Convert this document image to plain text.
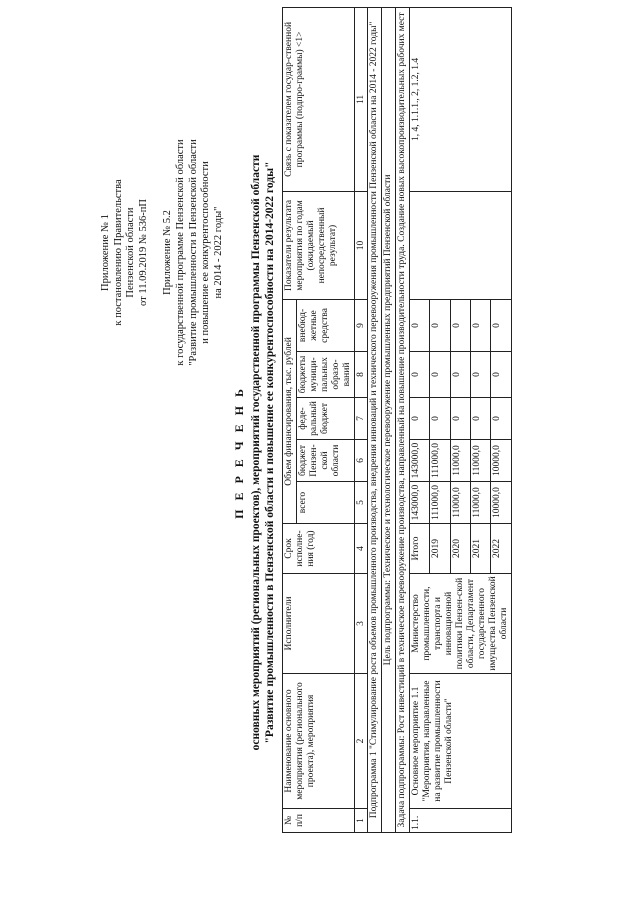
Приложение № 1 к постановлению Правительства Пензенской области от 11.09.2019 № 536-пП Приложение № 5.2 к государственной программе Пензенской области "Развитие промышленности в Пензенской области и повышение ее конкурентоспособности на 2014 - 2022 годы"
П Е Р Е Ч Е Н Ь основных мероприятий (региональных проектов), мероприятий государственной программы Пензенской области "Развитие промышленности в Пензенской области и повышение ее конкурентоспособности на 2014-2022 годы"
№ п/п	Наименование основного мероприятия (регионального проекта), мероприятия	Исполнители	Срок исполне-ния (год)	Объем финансирования, тыс. рублей					Показатели результата мероприятия по годам (ожидаемый непосредственный результат)	Связь с показателем государ-ственной программы (подпро-граммы) <1>
				всего	бюджет Пензен-ской области	феде-ральный бюджет	бюджеты муници-пальных образо-ваний	внебюд-жетные средства		
1	2	3	4	5	6	7	8	9	10	11
Подпрограмма 1 "Стимулирование роста объемов промышленного производства, внедрения инноваций и технического перевооружения промышленности Пензенской области на 2014 - 2022 годы"										
Цель подпрограммы: Техническое и технологическое перевооружение промышленных предприятий Пензенской области										
Задача подпрограммы: Рост инвестиций в техническое перевооружение производства, направленный на повышение производительности труда. Создание новых высокопроизводительных рабочих мест										
1.1.	Основное мероприятие 1.1 "Мероприятия, направленные на развитие промышленности Пензенской области"	Министерство промышленности, транспорта и инновационной политики Пензен-ской области, Департамент государственного имущества Пензенской области	Итого	143000,0	143000,0	0	0	0		1, 4, 1.1.1., 2, 1.2, 1.4
			2019	111000,0	111000,0	0	0	0		
			2020	11000,0	11000,0	0	0	0		
			2021	11000,0	11000,0	0	0	0		
			2022	10000,0	10000,0	0	0	0		
